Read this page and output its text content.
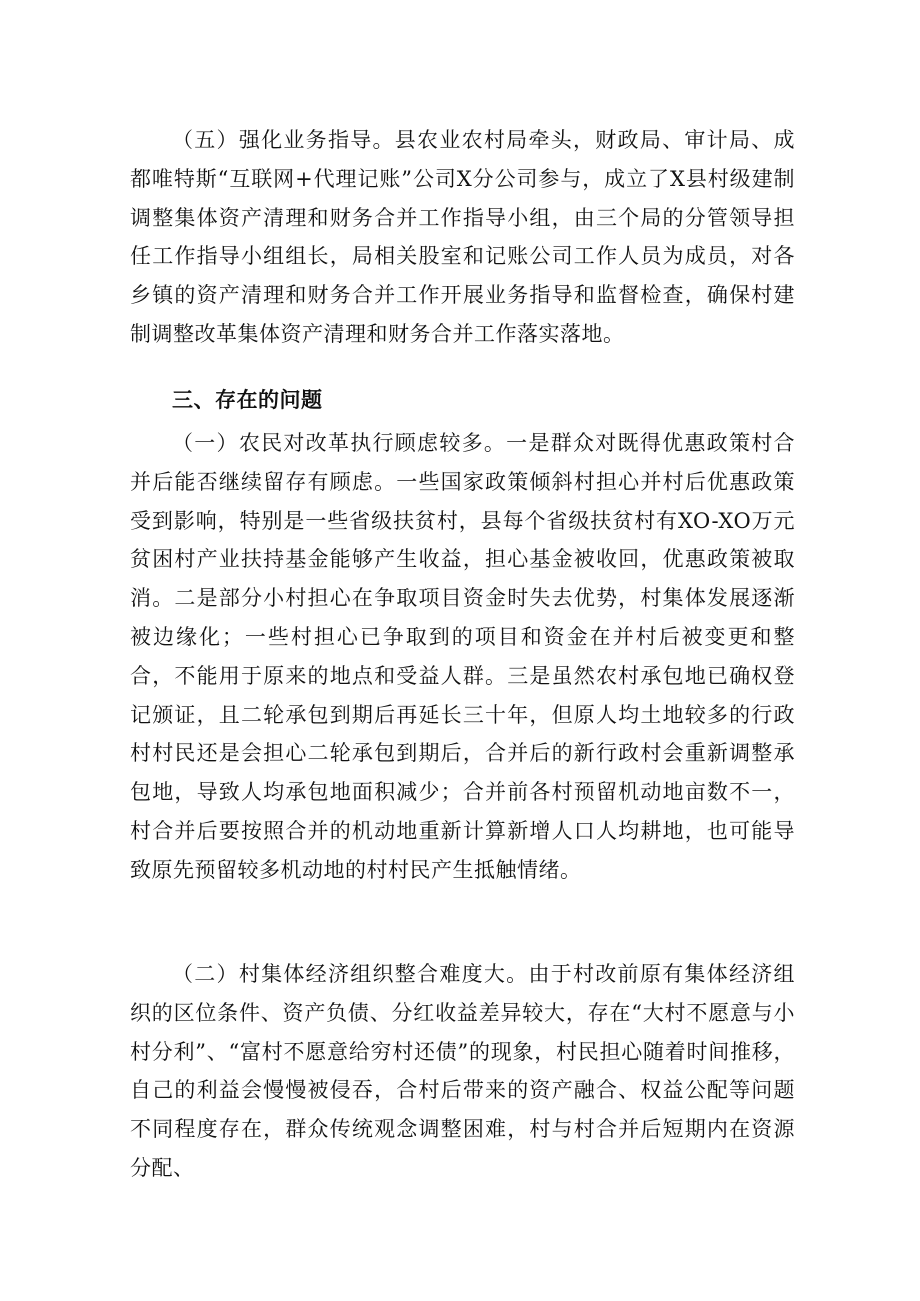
（五）强化业务指导。县农业农村局牵头，财政局、审计局、成都唯特斯“互联网+代理记账”公司X分公司参与，成立了X县村级建制调整集体资产清理和财务合并工作指导小组，由三个局的分管领导担任工作指导小组组长，局相关股室和记账公司工作人员为成员，对各乡镇的资产清理和财务合并工作开展业务指导和监督检查，确保村建制调整改革集体资产清理和财务合并工作落实落地。

三、存在的问题

（一）农民对改革执行顾虑较多。一是群众对既得优惠政策村合并后能否继续留存有顾虑。一些国家政策倾斜村担心并村后优惠政策受到影响，特别是一些省级扶贫村，县每个省级扶贫村有XO-XO万元贫困村产业扶持基金能够产生收益，担心基金被收回，优惠政策被取消。二是部分小村担心在争取项目资金时失去优势，村集体发展逐渐被边缘化；一些村担心已争取到的项目和资金在并村后被变更和整合，不能用于原来的地点和受益人群。三是虽然农村承包地已确权登记颁证，且二轮承包到期后再延长三十年，但原人均土地较多的行政村村民还是会担心二轮承包到期后，合并后的新行政村会重新调整承包地，导致人均承包地面积减少；合并前各村预留机动地亩数不一，村合并后要按照合并的机动地重新计算新增人口人均耕地，也可能导致原先预留较多机动地的村村民产生抵触情绪。

（二）村集体经济组织整合难度大。由于村改前原有集体经济组织的区位条件、资产负债、分红收益差异较大，存在“大村不愿意与小村分利”、“富村不愿意给穷村还债”的现象，村民担心随着时间推移，自己的利益会慢慢被侵吞，合村后带来的资产融合、权益公配等问题不同程度存在，群众传统观念调整困难，村与村合并后短期内在资源分配、
